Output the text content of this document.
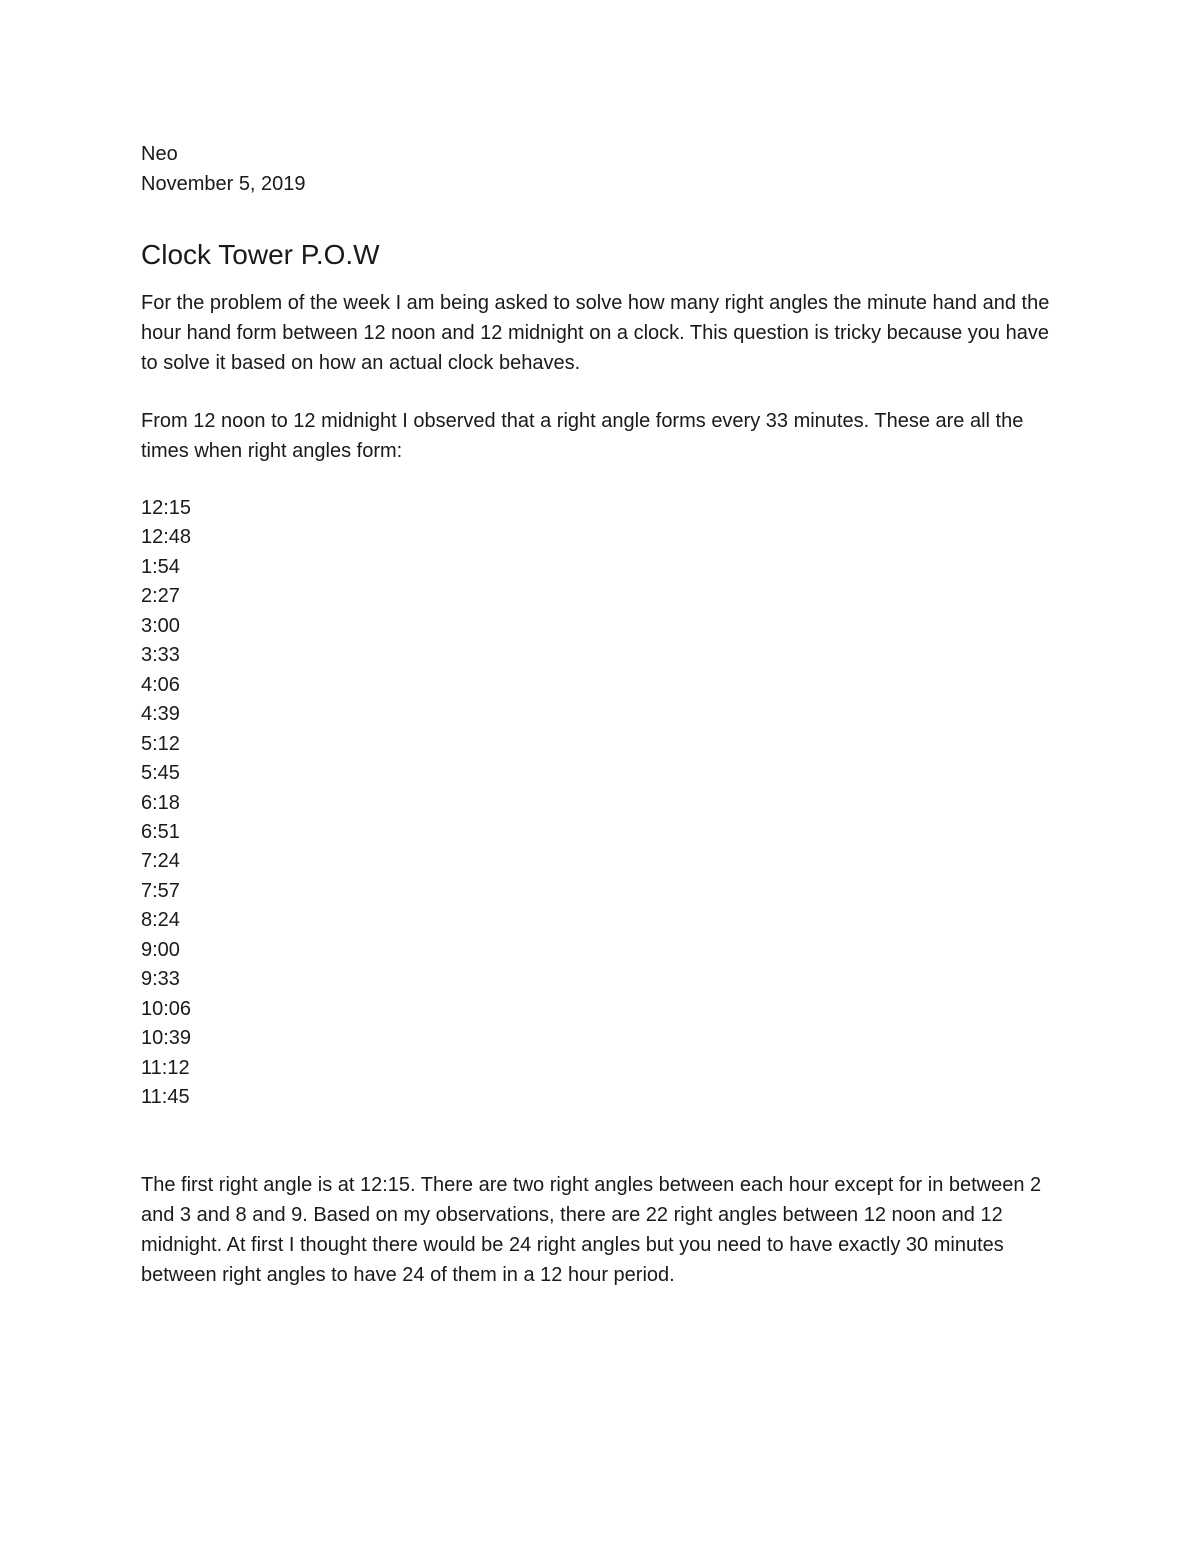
Neo

November 5, 2019

Clock Tower P.O.W

For the problem of the week I am being asked to solve how many right angles the minute hand and the hour hand form between 12 noon and 12 midnight on a clock. This question is tricky because you have to solve it based on how an actual clock behaves.

From 12 noon to 12 midnight I observed that a right angle forms every 33 minutes. These are all the times when right angles form:

12:15
12:48
1:54
2:27
3:00
3:33
4:06
4:39
5:12
5:45
6:18
6:51
7:24
7:57
8:24
9:00
9:33
10:06
10:39
11:12
11:45

The first right angle is at 12:15. There are two right angles between each hour except for in between 2 and 3 and 8 and 9. Based on my observations, there are 22 right angles between 12 noon and 12 midnight. At first I thought there would be 24 right angles but you need to have exactly 30 minutes between right angles to have 24 of them in a 12 hour period.
